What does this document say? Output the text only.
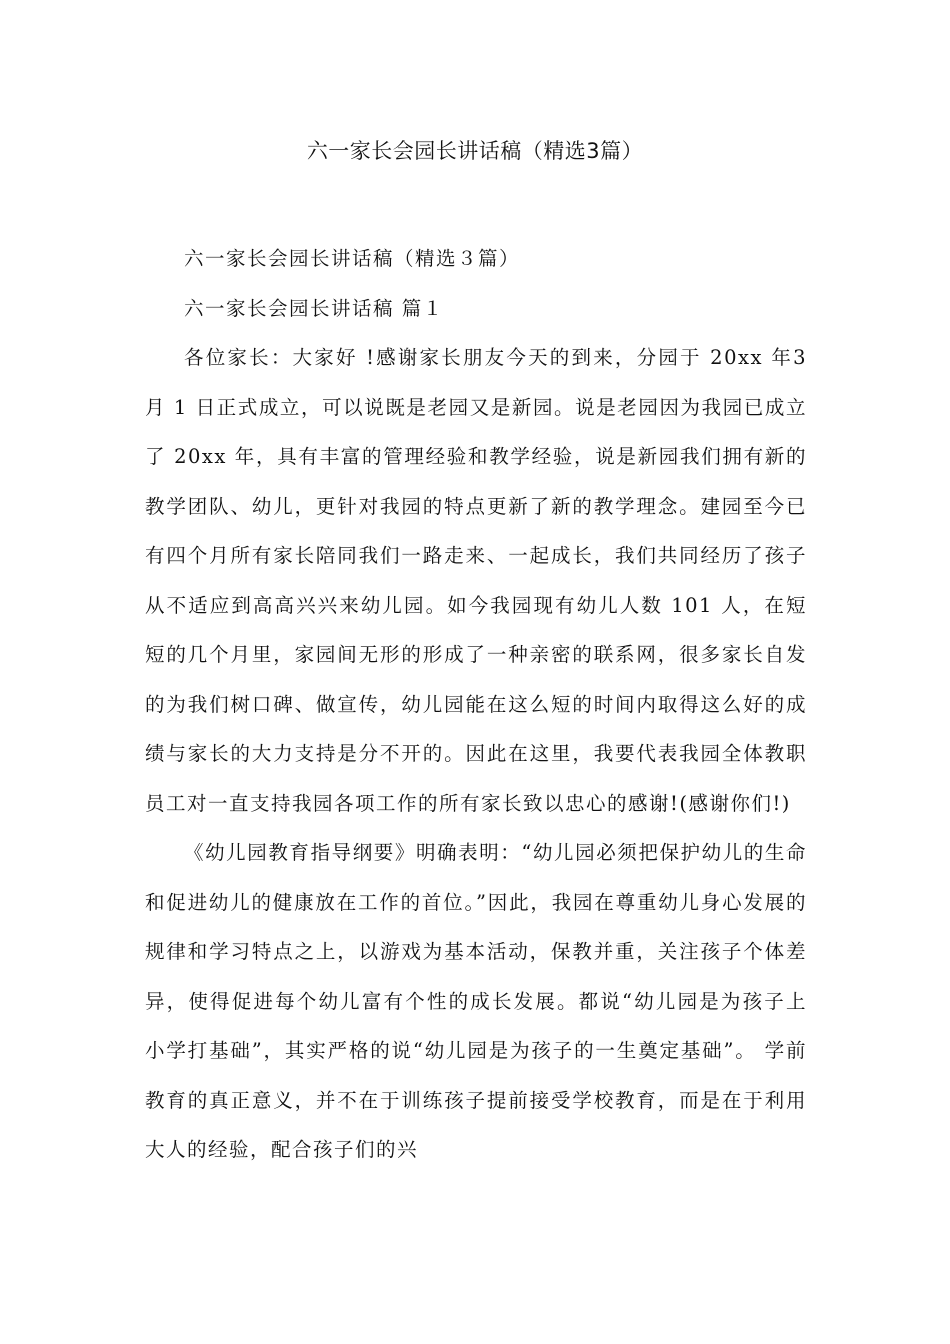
六一家长会园长讲话稿（精选3篇）

六一家长会园长讲话稿（精选３篇）

六一家长会园长讲话稿 篇１

各位家长：大家好 !感谢家长朋友今天的到来，分园于 20xx 年3 月 1 日正式成立，可以说既是老园又是新园。说是老园因为我园已成立了 20xx 年，具有丰富的管理经验和教学经验，说是新园我们拥有新的教学团队、幼儿，更针对我园的特点更新了新的教学理念。建园至今已有四个月所有家长陪同我们一路走来、一起成长，我们共同经历了孩子从不适应到高高兴兴来幼儿园。如今我园现有幼儿人数 101 人，在短短的几个月里，家园间无形的形成了一种亲密的联系网，很多家长自发的为我们树口碑、做宣传，幼儿园能在这么短的时间内取得这么好的成绩与家长的大力支持是分不开的。因此在这里，我要代表我园全体教职员工对一直支持我园各项工作的所有家长致以忠心的感谢!(感谢你们!)

《幼儿园教育指导纲要》明确表明：“幼儿园必须把保护幼儿的生命和促进幼儿的健康放在工作的首位。”因此，我园在尊重幼儿身心发展的规律和学习特点之上，以游戏为基本活动，保教并重，关注孩子个体差异，使得促进每个幼儿富有个性的成长发展。都说“幼儿园是为孩子上小学打基础”，其实严格的说“幼儿园是为孩子的一生奠定基础”。 学前教育的真正意义，并不在于训练孩子提前接受学校教育，而是在于利用大人的经验，配合孩子们的兴
